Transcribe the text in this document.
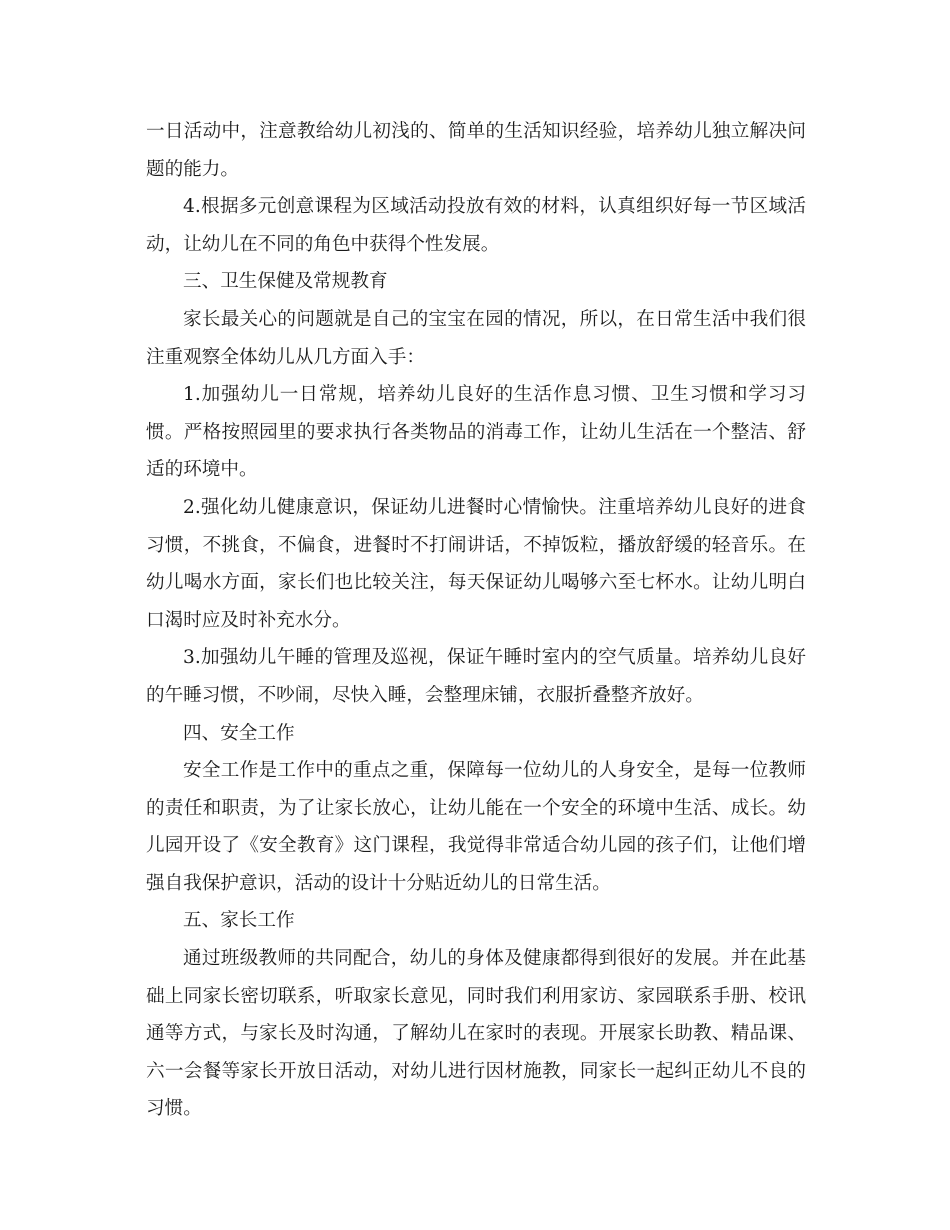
一日活动中，注意教给幼儿初浅的、简单的生活知识经验，培养幼儿独立解决问题的能力。

4.根据多元创意课程为区域活动投放有效的材料，认真组织好每一节区域活动，让幼儿在不同的角色中获得个性发展。

三、卫生保健及常规教育

家长最关心的问题就是自己的宝宝在园的情况，所以，在日常生活中我们很注重观察全体幼儿从几方面入手：

1.加强幼儿一日常规，培养幼儿良好的生活作息习惯、卫生习惯和学习习惯。严格按照园里的要求执行各类物品的消毒工作，让幼儿生活在一个整洁、舒适的环境中。

2.强化幼儿健康意识，保证幼儿进餐时心情愉快。注重培养幼儿良好的进食习惯，不挑食，不偏食，进餐时不打闹讲话，不掉饭粒，播放舒缓的轻音乐。在幼儿喝水方面，家长们也比较关注，每天保证幼儿喝够六至七杯水。让幼儿明白口渴时应及时补充水分。

3.加强幼儿午睡的管理及巡视，保证午睡时室内的空气质量。培养幼儿良好的午睡习惯，不吵闹，尽快入睡，会整理床铺，衣服折叠整齐放好。

四、安全工作

安全工作是工作中的重点之重，保障每一位幼儿的人身安全，是每一位教师的责任和职责，为了让家长放心，让幼儿能在一个安全的环境中生活、成长。幼儿园开设了《安全教育》这门课程，我觉得非常适合幼儿园的孩子们，让他们增强自我保护意识，活动的设计十分贴近幼儿的日常生活。

五、家长工作

通过班级教师的共同配合，幼儿的身体及健康都得到很好的发展。并在此基础上同家长密切联系，听取家长意见，同时我们利用家访、家园联系手册、校讯通等方式，与家长及时沟通，了解幼儿在家时的表现。开展家长助教、精品课、六一会餐等家长开放日活动，对幼儿进行因材施教，同家长一起纠正幼儿不良的习惯。
